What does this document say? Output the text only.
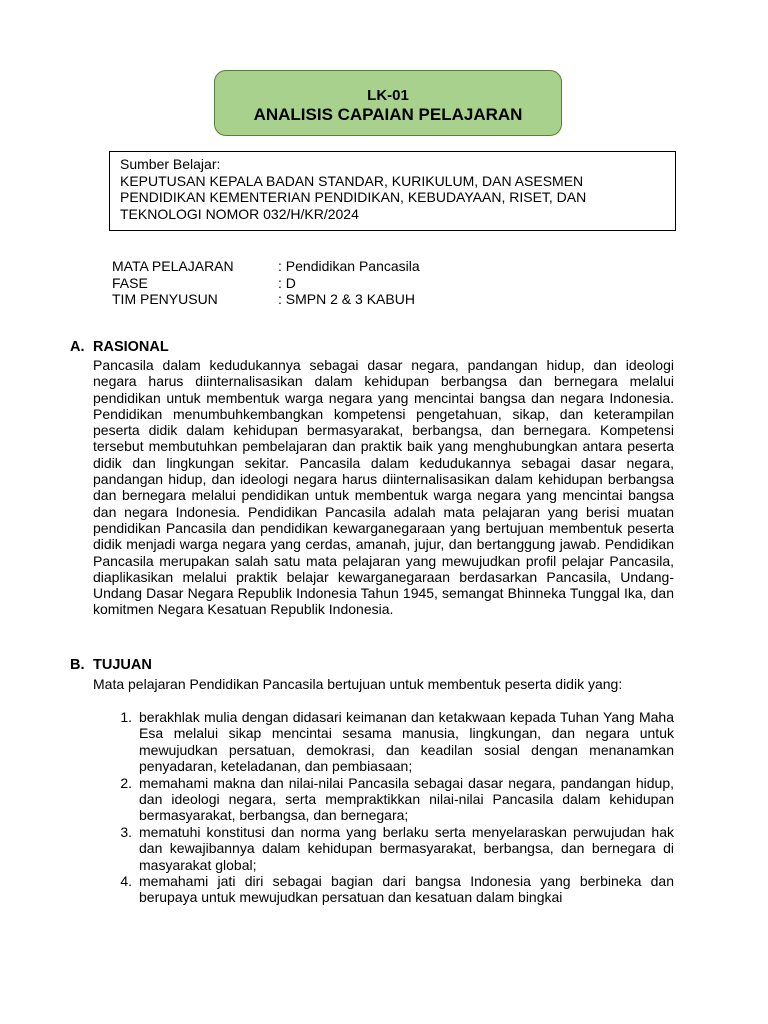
LK-01
ANALISIS CAPAIAN PELAJARAN
Sumber Belajar:
KEPUTUSAN KEPALA BADAN STANDAR, KURIKULUM, DAN ASESMEN
PENDIDIKAN KEMENTERIAN PENDIDIKAN, KEBUDAYAAN, RISET, DAN
TEKNOLOGI NOMOR 032/H/KR/2024
MATA PELAJARAN	: Pendidikan Pancasila
FASE	: D
TIM PENYUSUN	: SMPN 2 & 3 KABUH
A. RASIONAL

Pancasila dalam kedudukannya sebagai dasar negara, pandangan hidup, dan ideologi negara harus diinternalisasikan dalam kehidupan berbangsa dan bernegara melalui pendidikan untuk membentuk warga negara yang mencintai bangsa dan negara Indonesia. Pendidikan menumbuhkembangkan kompetensi pengetahuan, sikap, dan keterampilan peserta didik dalam kehidupan bermasyarakat, berbangsa, dan bernegara. Kompetensi tersebut membutuhkan pembelajaran dan praktik baik yang menghubungkan antara peserta didik dan lingkungan sekitar. Pancasila dalam kedudukannya sebagai dasar negara, pandangan hidup, dan ideologi negara harus diinternalisasikan dalam kehidupan berbangsa dan bernegara melalui pendidikan untuk membentuk warga negara yang mencintai bangsa dan negara Indonesia. Pendidikan Pancasila adalah mata pelajaran yang berisi muatan pendidikan Pancasila dan pendidikan kewarganegaraan yang bertujuan membentuk peserta didik menjadi warga negara yang cerdas, amanah, jujur, dan bertanggung jawab. Pendidikan Pancasila merupakan salah satu mata pelajaran yang mewujudkan profil pelajar Pancasila, diaplikasikan melalui praktik belajar kewarganegaraan berdasarkan Pancasila, Undang-Undang Dasar Negara Republik Indonesia Tahun 1945, semangat Bhinneka Tunggal Ika, dan komitmen Negara Kesatuan Republik Indonesia.

B. TUJUAN

Mata pelajaran Pendidikan Pancasila bertujuan untuk membentuk peserta didik yang:

1. berakhlak mulia dengan didasari keimanan dan ketakwaan kepada Tuhan Yang Maha Esa melalui sikap mencintai sesama manusia, lingkungan, dan negara untuk mewujudkan persatuan, demokrasi, dan keadilan sosial dengan menanamkan penyadaran, keteladanan, dan pembiasaan;
2. memahami makna dan nilai-nilai Pancasila sebagai dasar negara, pandangan hidup, dan ideologi negara, serta mempraktikkan nilai-nilai Pancasila dalam kehidupan bermasyarakat, berbangsa, dan bernegara;
3. mematuhi konstitusi dan norma yang berlaku serta menyelaraskan perwujudan hak dan kewajibannya dalam kehidupan bermasyarakat, berbangsa, dan bernegara di masyarakat global;
4. memahami jati diri sebagai bagian dari bangsa Indonesia yang berbineka dan berupaya untuk mewujudkan persatuan dan kesatuan dalam bingkai
